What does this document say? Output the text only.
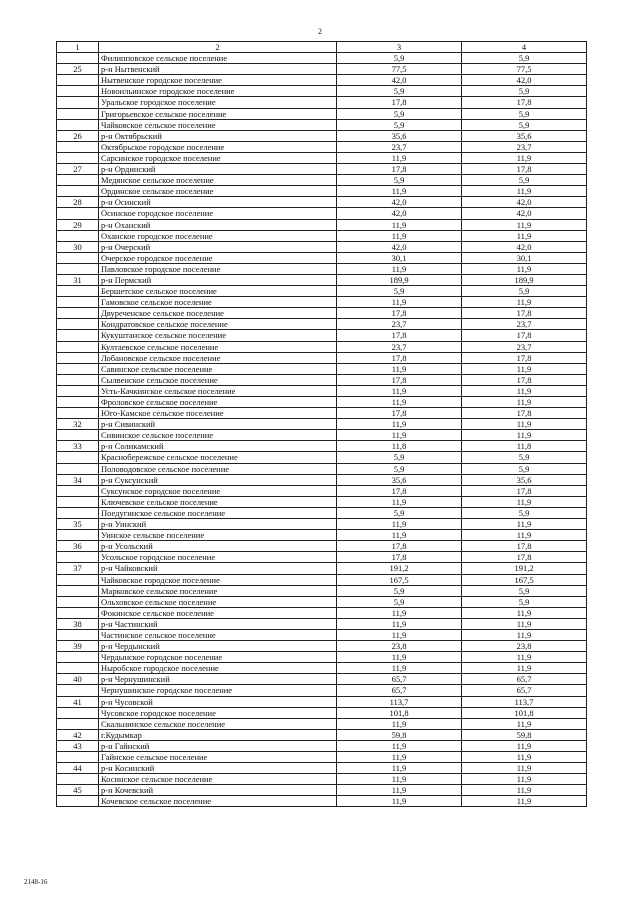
2
1	2	3	4
	Филипповское сельское поселение	5,9	5,9
25	р-н Нытвенский	77,5	77,5
	Нытвенское городское поселение	42,0	42,0
	Новоильинское городское поселение	5,9	5,9
	Уральское городское поселение	17,8	17,8
	Григорьевское сельское поселение	5,9	5,9
	Чайковское сельское поселение	5,9	5,9
26	р-н Октябрьский	35,6	35,6
	Октябрьское городское поселение	23,7	23,7
	Сарсинское городское поселение	11,9	11,9
27	р-н Ординский	17,8	17,8
	Медянское сельское поселение	5,9	5,9
	Ординское сельское поселение	11,9	11,9
28	р-н Осинский	42,0	42,0
	Осинское городское поселение	42,0	42,0
29	р-н Оханский	11,9	11,9
	Оханское городское поселение	11,9	11,9
30	р-н Очерский	42,0	42,0
	Очерское городское поселение	30,1	30,1
	Павловское городское поселение	11,9	11,9
31	р-н Пермский	189,9	189,9
	Бершетское сельское поселение	5,9	5,9
	Гамовское сельское поселение	11,9	11,9
	Двуреченское сельское поселение	17,8	17,8
	Кондратовское сельское поселение	23,7	23,7
	Кукуштанское сельское поселение	17,8	17,8
	Култаевское сельское поселение	23,7	23,7
	Лобановское сельское поселение	17,8	17,8
	Савинское сельское поселение	11,9	11,9
	Сылвенское сельское поселение	17,8	17,8
	Усть-Качкинское сельское поселение	11,9	11,9
	Фроловское сельское поселение	11,9	11,9
	Юго-Камское сельское поселение	17,8	17,8
32	р-н Сивинский	11,9	11,9
	Сивинское сельское поселение	11,9	11,9
33	р-н Соликамский	11,8	11,8
	Краснобережское сельское поселение	5,9	5,9
	Половодовское сельское поселение	5,9	5,9
34	р-н Суксунский	35,6	35,6
	Суксунское городское поселение	17,8	17,8
	Ключевское сельское поселение	11,9	11,9
	Поедугинское сельское поселение	5,9	5,9
35	р-н Уинский	11,9	11,9
	Уинское сельское поселение	11,9	11,9
36	р-н Усольский	17,8	17,8
	Усольское городское поселение	17,8	17,8
37	р-н Чайковский	191,2	191,2
	Чайковское городское поселение	167,5	167,5
	Марковское сельское поселение	5,9	5,9
	Ольховское сельское поселение	5,9	5,9
	Фокинское сельское поселение	11,9	11,9
38	р-н Частинский	11,9	11,9
	Частинское сельское поселение	11,9	11,9
39	р-н Чердынский	23,8	23,8
	Чердынское городское поселение	11,9	11,9
	Ныробское городское поселение	11,9	11,9
40	р-н Чернушинский	65,7	65,7
	Чернушинское городское поселение	65,7	65,7
41	р-н Чусовской	113,7	113,7
	Чусовское городское поселение	101,8	101,8
	Скальнинское сельское поселение	11,9	11,9
42	г.Кудымкар	59,8	59,8
43	р-н Гайнский	11,9	11,9
	Гайнское сельское поселение	11,9	11,9
44	р-н Косинский	11,9	11,9
	Косинское сельское поселение	11,9	11,9
45	р-н Кочевский	11,9	11,9
	Кочевское сельское поселение	11,9	11,9
2148-16
